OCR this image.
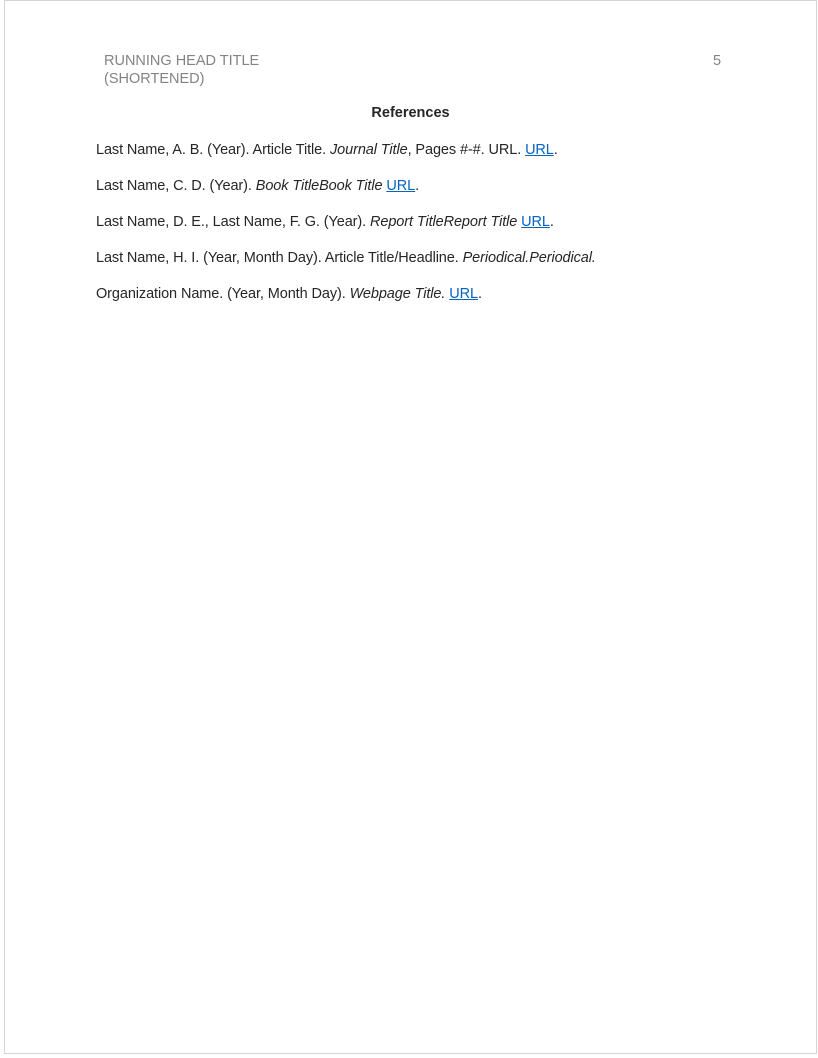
RUNNING HEAD TITLE
(SHORTENED)
5
References

Last Name, A. B. (Year). Article Title. Journal Title, Pages #-#. URL. URL.

Last Name, C. D. (Year). Book TitleBook Title URL.

Last Name, D. E., Last Name, F. G. (Year). Report TitleReport Title URL.

Last Name, H. I. (Year, Month Day). Article Title/Headline. Periodical.Periodical.

Organization Name. (Year, Month Day). Webpage Title. URL.
